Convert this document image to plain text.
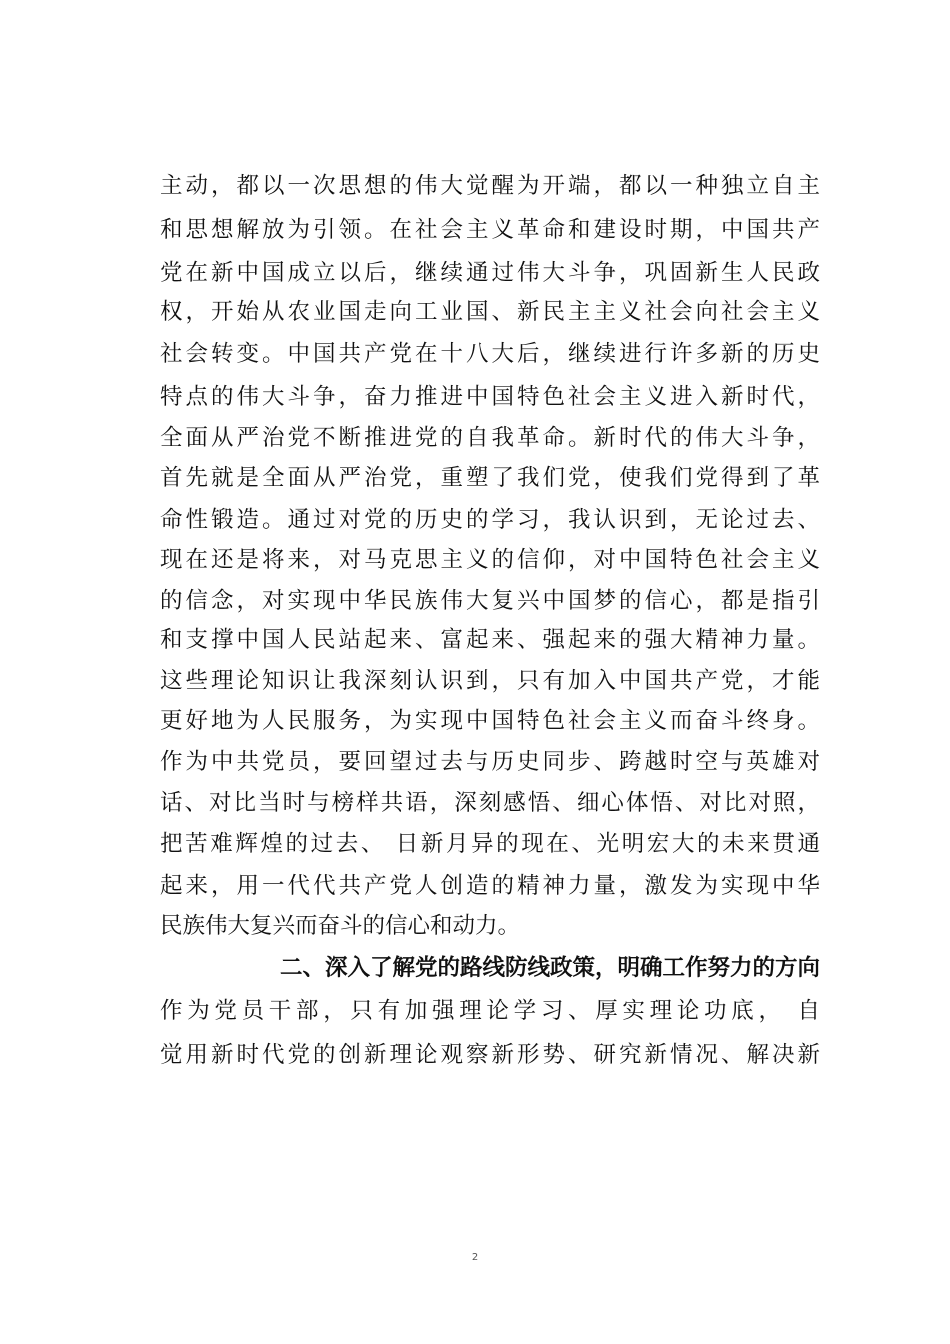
主动，都以一次思想的伟大觉醒为开端，都以一种独立自主
和思想解放为引领。在社会主义革命和建设时期，中国共产
党在新中国成立以后，继续通过伟大斗争，巩固新生人民政
权，开始从农业国走向工业国、新民主主义社会向社会主义
社会转变。中国共产党在十八大后，继续进行许多新的历史
特点的伟大斗争，奋力推进中国特色社会主义进入新时代，
全面从严治党不断推进党的自我革命。新时代的伟大斗争，
首先就是全面从严治党，重塑了我们党，使我们党得到了革
命性锻造。通过对党的历史的学习，我认识到，无论过去、
现在还是将来，对马克思主义的信仰，对中国特色社会主义
的信念，对实现中华民族伟大复兴中国梦的信心，都是指引
和支撑中国人民站起来、富起来、强起来的强大精神力量。
这些理论知识让我深刻认识到，只有加入中国共产党，才能
更好地为人民服务，为实现中国特色社会主义而奋斗终身。
作为中共党员，要回望过去与历史同步、跨越时空与英雄对
话、对比当时与榜样共语，深刻感悟、细心体悟、对比对照，
把苦难辉煌的过去、 日新月异的现在、光明宏大的未来贯通
起来，用一代代共产党人创造的精神力量，激发为实现中华
民族伟大复兴而奋斗的信心和动力。
二、深入了解党的路线防线政策，明确工作努力的方向
作为党员干部，只有加强理论学习、厚实理论功底， 自
觉用新时代党的创新理论观察新形势、研究新情况、解决新
2
